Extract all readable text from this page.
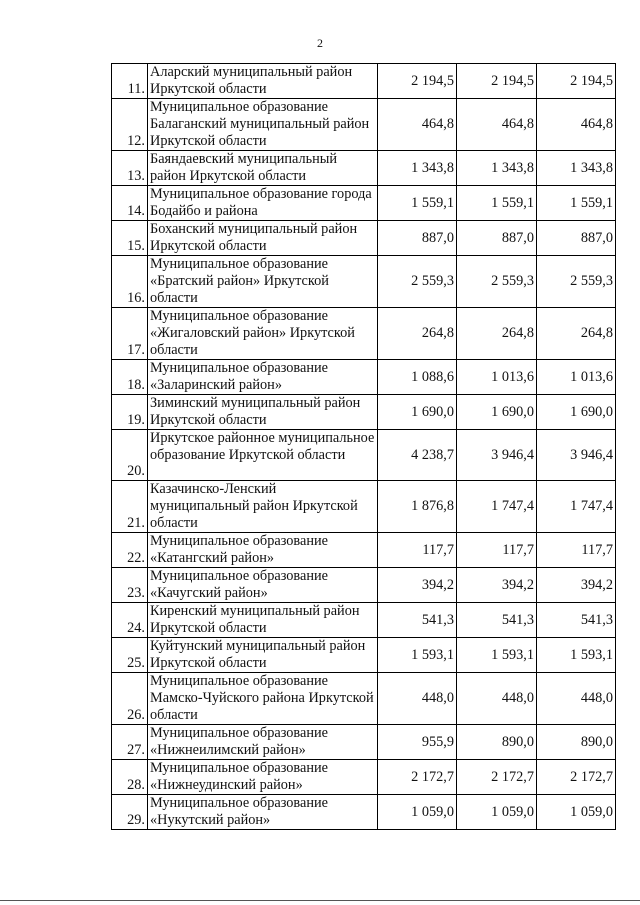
2
11.	Аларский муниципальный район Иркутской области	2 194,5	2 194,5	2 194,5
12.	Муниципальное образование Балаганский муниципальный район Иркутской области	464,8	464,8	464,8
13.	Баяндаевский муниципальный район Иркутской области	1 343,8	1 343,8	1 343,8
14.	Муниципальное образование города Бодайбо и района	1 559,1	1 559,1	1 559,1
15.	Боханский муниципальный район Иркутской области	887,0	887,0	887,0
16.	Муниципальное образование «Братский район» Иркутской области	2 559,3	2 559,3	2 559,3
17.	Муниципальное образование «Жигаловский район» Иркутской области	264,8	264,8	264,8
18.	Муниципальное образование «Заларинский район»	1 088,6	1 013,6	1 013,6
19.	Зиминский муниципальный район Иркутской области	1 690,0	1 690,0	1 690,0
20.	Иркутское районное муниципальное образование Иркутской области	4 238,7	3 946,4	3 946,4
21.	Казачинско-Ленский муниципальный район Иркутской области	1 876,8	1 747,4	1 747,4
22.	Муниципальное образование «Катангский район»	117,7	117,7	117,7
23.	Муниципальное образование «Качугский район»	394,2	394,2	394,2
24.	Киренский муниципальный район Иркутской области	541,3	541,3	541,3
25.	Куйтунский муниципальный район Иркутской области	1 593,1	1 593,1	1 593,1
26.	Муниципальное образование Мамско-Чуйского района Иркутской области	448,0	448,0	448,0
27.	Муниципальное образование «Нижнеилимский район»	955,9	890,0	890,0
28.	Муниципальное образование «Нижнеудинский район»	2 172,7	2 172,7	2 172,7
29.	Муниципальное образование «Нукутский район»	1 059,0	1 059,0	1 059,0
